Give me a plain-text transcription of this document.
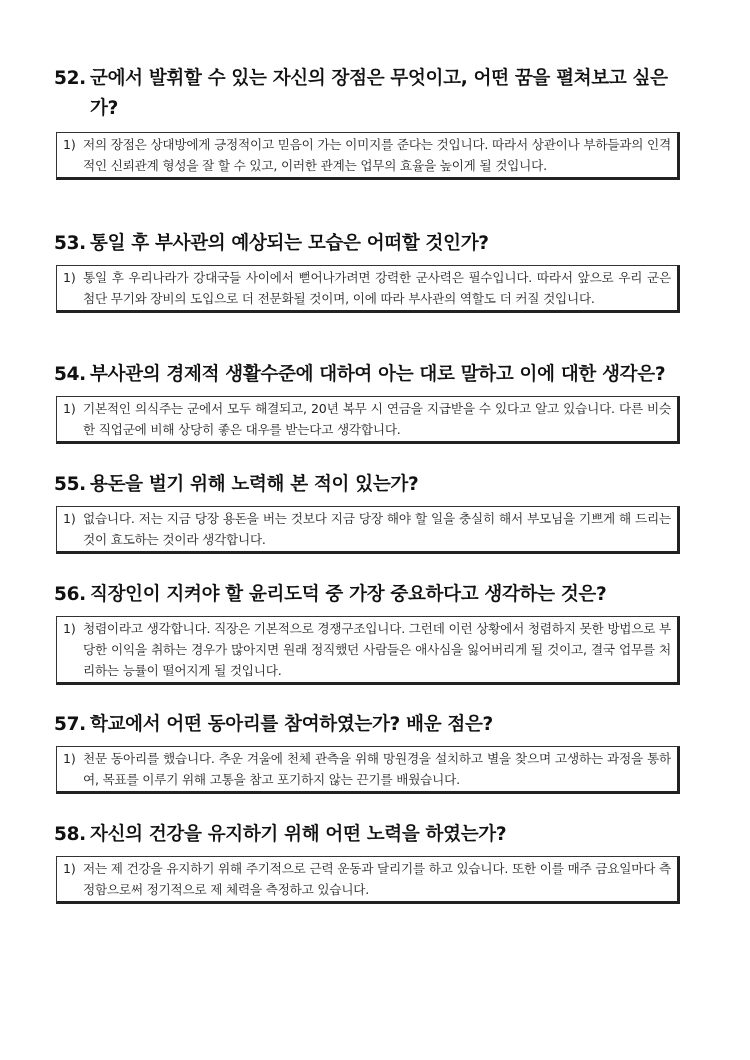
52. 군에서 발휘할 수 있는 자신의 장점은 무엇이고, 어떤 꿈을 펼쳐보고 싶은가?
1) 저의 장점은 상대방에게 긍정적이고 믿음이 가는 이미지를 준다는 것입니다. 따라서 상관이나 부하들과의 인격적인 신뢰관계 형성을 잘 할 수 있고, 이러한 관계는 업무의 효율을 높이게 될 것입니다.
53. 통일 후 부사관의 예상되는 모습은 어떠할 것인가?
1) 통일 후 우리나라가 강대국들 사이에서 뻗어나가려면 강력한 군사력은 필수입니다. 따라서 앞으로 우리 군은 첨단 무기와 장비의 도입으로 더 전문화될 것이며, 이에 따라 부사관의 역할도 더 커질 것입니다.
54. 부사관의 경제적 생활수준에 대하여 아는 대로 말하고 이에 대한 생각은?
1) 기본적인 의식주는 군에서 모두 해결되고, 20년 복무 시 연금을 지급받을 수 있다고 알고 있습니다. 다른 비슷한 직업군에 비해 상당히 좋은 대우를 받는다고 생각합니다.
55. 용돈을 벌기 위해 노력해 본 적이 있는가?
1) 없습니다. 저는 지금 당장 용돈을 버는 것보다 지금 당장 해야 할 일을 충실히 해서 부모님을 기쁘게 해 드리는 것이 효도하는 것이라 생각합니다.
56. 직장인이 지켜야 할 윤리도덕 중 가장 중요하다고 생각하는 것은?
1) 청렴이라고 생각합니다. 직장은 기본적으로 경쟁구조입니다. 그런데 이런 상황에서 청렴하지 못한 방법으로 부당한 이익을 취하는 경우가 많아지면 원래 정직했던 사람들은 애사심을 잃어버리게 될 것이고, 결국 업무를 처리하는 능률이 떨어지게 될 것입니다.
57. 학교에서 어떤 동아리를 참여하였는가? 배운 점은?
1) 천문 동아리를 했습니다. 추운 겨울에 천체 관측을 위해 망원경을 설치하고 별을 찾으며 고생하는 과정을 통하여, 목표를 이루기 위해 고통을 참고 포기하지 않는 끈기를 배웠습니다.
58. 자신의 건강을 유지하기 위해 어떤 노력을 하였는가?
1) 저는 제 건강을 유지하기 위해 주기적으로 근력 운동과 달리기를 하고 있습니다. 또한 이를 매주 금요일마다 측정함으로써 정기적으로 제 체력을 측정하고 있습니다.
